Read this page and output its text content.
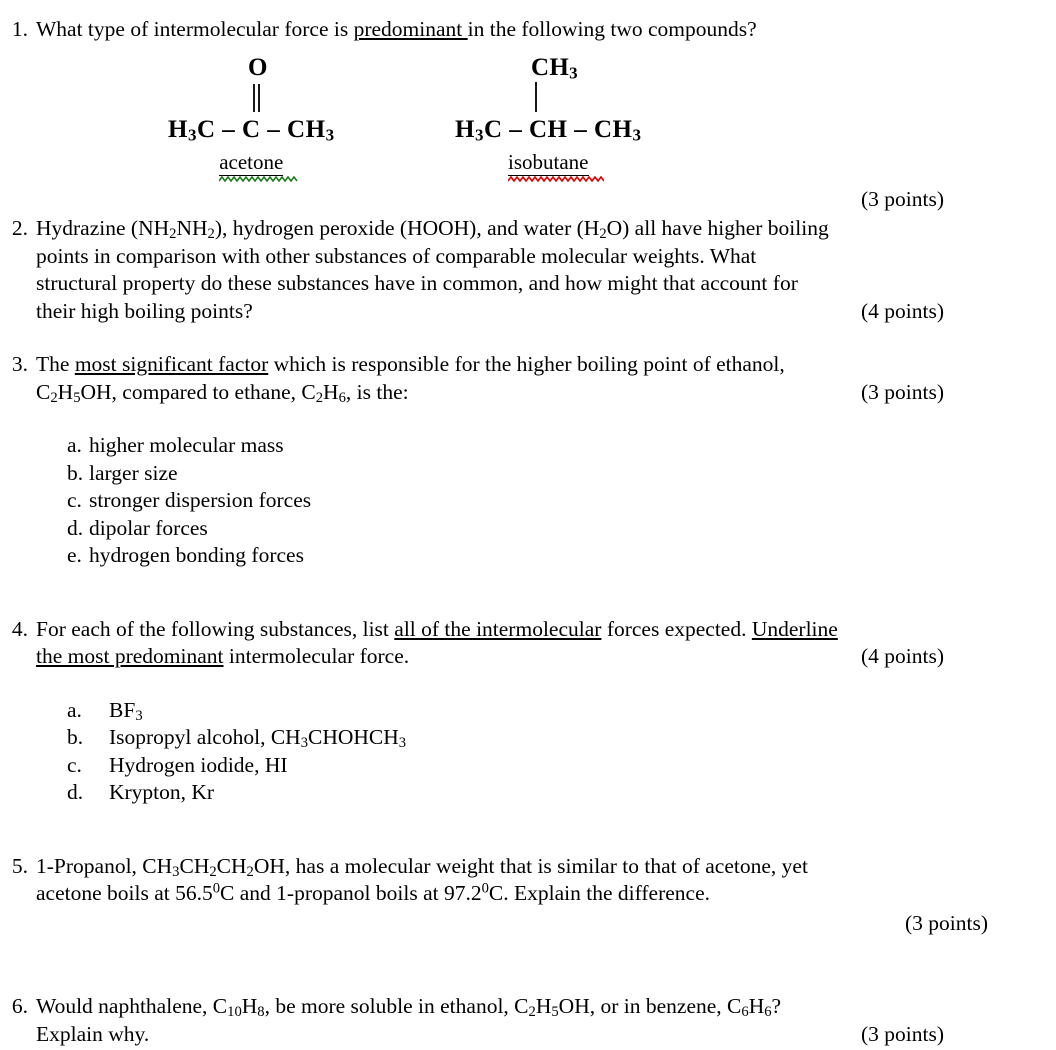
1. What type of intermolecular force is predominant in the following two compounds?
O
$H_3C$ – C – $CH_3$
acetone
$CH_3$
$H_3C$ – CH – $CH_3$
isobutane
(3 points)
2. Hydrazine $(NH_2NH_2)$, hydrogen peroxide (HOOH), and water $(H_2O)$ all have higher boiling
points in comparison with other substances of comparable molecular weights. What
structural property do these substances have in common, and how might that account for
their high boiling points?	(4 points)
3. The most significant factor which is responsible for the higher boiling point of ethanol,
$C_2H_5OH$, compared to ethane, $C_2H_6$, is the:	(3 points)
a. higher molecular mass
b. larger size
c. stronger dispersion forces
d. dipolar forces
e. hydrogen bonding forces
4. For each of the following substances, list all of the intermolecular forces expected. Underline
the most predominant intermolecular force.	(4 points)
a.	$BF_3$
b.	Isopropyl alcohol, $CH_3CHOHCH_3$
c.	Hydrogen iodide, HI
d.	Krypton, Kr
5. 1-Propanol, $CH_3CH_2CH_2OH$, has a molecular weight that is similar to that of acetone, yet
acetone boils at 56.5$^0$C and 1-propanol boils at 97.2$^0$C. Explain the difference.
(3 points)
6. Would naphthalene, $C_{10}H_8$, be more soluble in ethanol, $C_2H_5OH$, or in benzene, $C_6H_6$?
Explain why.	(3 points)
